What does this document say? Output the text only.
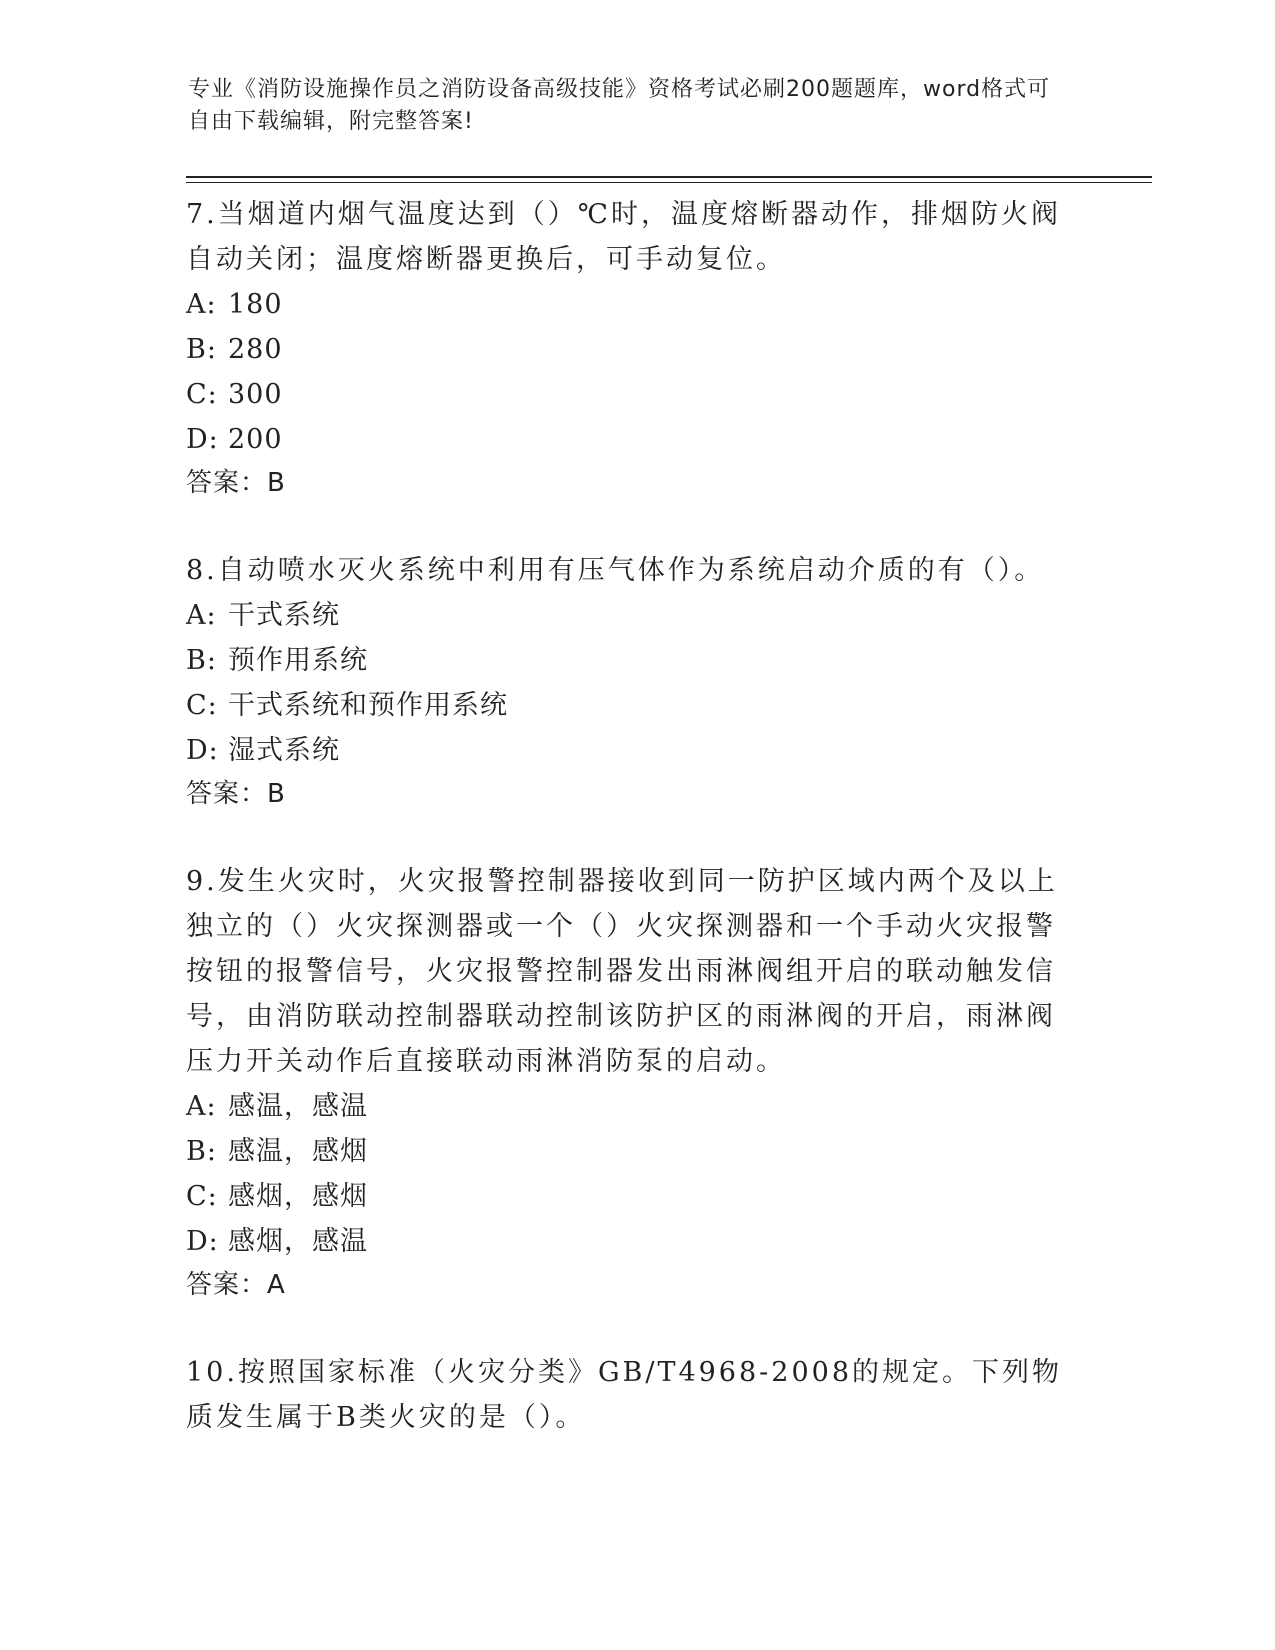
专业《消防设施操作员之消防设备高级技能》资格考试必刷200题题库，word格式可自由下载编辑，附完整答案!

7.当烟道内烟气温度达到（）℃时，温度熔断器动作，排烟防火阀自动关闭；温度熔断器更换后，可手动复位。

A: 180
B: 280
C: 300
D: 200
答案：B

8.自动喷水灭火系统中利用有压气体作为系统启动介质的有（）。

A: 干式系统
B: 预作用系统
C: 干式系统和预作用系统
D: 湿式系统
答案：B

9.发生火灾时，火灾报警控制器接收到同一防护区域内两个及以上独立的（）火灾探测器或一个（）火灾探测器和一个手动火灾报警按钮的报警信号，火灾报警控制器发出雨淋阀组开启的联动触发信号，由消防联动控制器联动控制该防护区的雨淋阀的开启，雨淋阀压力开关动作后直接联动雨淋消防泵的启动。

A: 感温，感温
B: 感温，感烟
C: 感烟，感烟
D: 感烟，感温
答案：A

10.按照国家标准（火灾分类》GB/T4968-2008的规定。下列物质发生属于B类火灾的是（）。
